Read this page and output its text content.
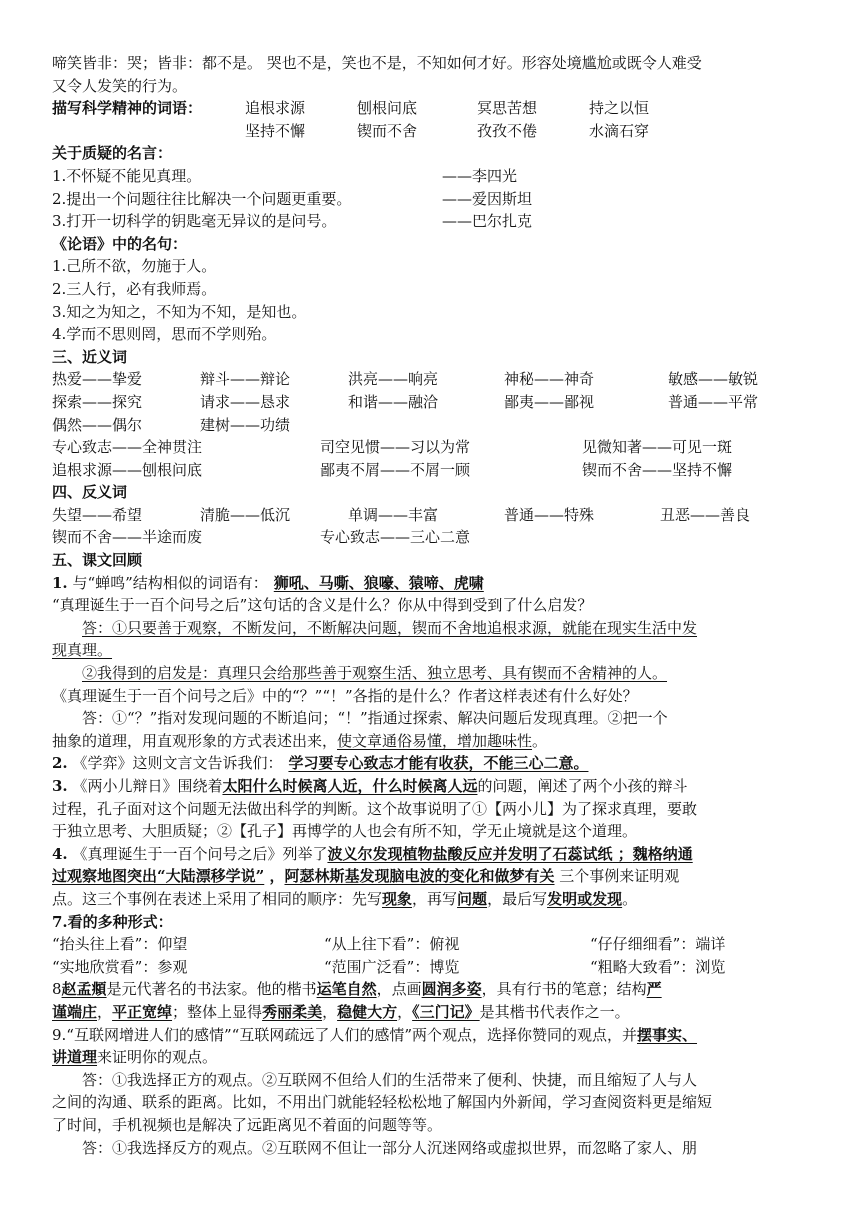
啼笑皆非：哭；皆非：都不是。 哭也不是，笑也不是，不知如何才好。形容处境尴尬或既令人难受
又令人发笑的行为。
描写科学精神的词语：	追根求源	刨根问底	冥思苦想	持之以恒
坚持不懈	锲而不舍	孜孜不倦	水滴石穿
关于质疑的名言：
1.不怀疑不能见真理。	——李四光
2.提出一个问题往往比解决一个问题更重要。	——爱因斯坦
3.打开一切科学的钥匙毫无异议的是问号。	——巴尔扎克
《论语》中的名句：
1.己所不欲，勿施于人。
2.三人行，必有我师焉。
3.知之为知之，不知为不知，是知也。
4.学而不思则罔，思而不学则殆。
三、近义词
热爱——挚爱	辩斗——辩论	洪亮——响亮	神秘——神奇	敏感——敏锐
探索——探究	请求——恳求	和谐——融洽	鄙夷——鄙视	普通——平常
偶然——偶尔	建树——功绩
专心致志——全神贯注	司空见惯——习以为常	见微知著——可见一斑
追根求源——刨根问底	鄙夷不屑——不屑一顾	锲而不舍——坚持不懈
四、反义词
失望——希望	清脆——低沉	单调——丰富	普通——特殊	丑恶——善良
锲而不舍——半途而废	专心致志——三心二意
五、课文回顾
1. 与“蝉鸣”结构相似的词语有： 狮吼、马嘶、狼嚎、猿啼、虎啸
“真理诞生于一百个问号之后”这句话的含义是什么？你从中得到受到了什么启发？
答：①只要善于观察，不断发问，不断解决问题，锲而不舍地追根求源，就能在现实生活中发
现真理。
②我得到的启发是：真理只会给那些善于观察生活、独立思考、具有锲而不舍精神的人。
《真理诞生于一百个问号之后》中的“？”“！”各指的是什么？作者这样表述有什么好处？
答：①“？”指对发现问题的不断追问；“！”指通过探索、解决问题后发现真理。②把一个
抽象的道理，用直观形象的方式表述出来，使文章通俗易懂，增加趣味性。
2. 《学弈》这则文言文告诉我们： 学习要专心致志才能有收获，不能三心二意。
3. 《两小儿辩日》围绕着太阳什么时候离人近，什么时候离人远的问题，阐述了两个小孩的辩斗
过程，孔子面对这个问题无法做出科学的判断。这个故事说明了①【两小儿】为了探求真理，要敢
于独立思考、大胆质疑；②【孔子】再博学的人也会有所不知，学无止境就是这个道理。
4. 《真理诞生于一百个问号之后》列举了波义尔发现植物盐酸反应并发明了石蕊试纸 ；魏格纳通
过观察地图突出“大陆漂移学说” ，阿瑟林斯基发现脑电波的变化和做梦有关 三个事例来证明观
点。这三个事例在表述上采用了相同的顺序：先写现象，再写问题，最后写发明或发现。
7.看的多种形式：
“抬头往上看”：仰望	“从上往下看”：俯视	“仔仔细细看”：端详
“实地欣赏看”：参观	“范围广泛看”：博览	“粗略大致看”：浏览
8赵孟頫是元代著名的书法家。他的楷书运笔自然，点画圆润多姿，具有行书的笔意；结构严
谨端庄，平正宽绰；整体上显得秀丽柔美，稳健大方，《三门记》是其楷书代表作之一。
9.“互联网增进人们的感情”“互联网疏远了人们的感情”两个观点，选择你赞同的观点，并摆事实、
讲道理来证明你的观点。
答：①我选择正方的观点。②互联网不但给人们的生活带来了便利、快捷，而且缩短了人与人
之间的沟通、联系的距离。比如，不用出门就能轻轻松松地了解国内外新闻，学习查阅资料更是缩短
了时间，手机视频也是解决了远距离见不着面的问题等等。
答：①我选择反方的观点。②互联网不但让一部分人沉迷网络或虚拟世界，而忽略了家人、朋
